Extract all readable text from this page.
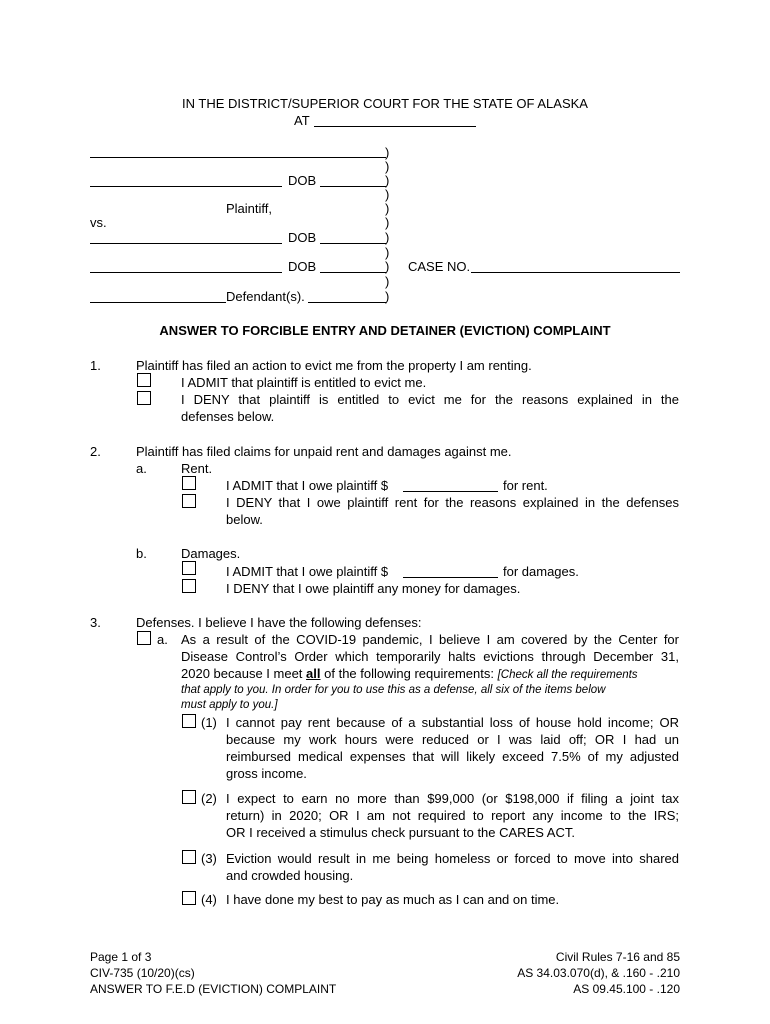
IN THE DISTRICT/SUPERIOR COURT FOR THE STATE OF ALASKA
AT
DOB
Plaintiff,
vs.
DOB
DOB	CASE NO.
Defendant(s).
)
)
)
)
)
)
)
)
)
)
)
ANSWER TO FORCIBLE ENTRY AND DETAINER (EVICTION) COMPLAINT
1.	Plaintiff has filed an action to evict me from the property I am renting.
I ADMIT that plaintiff is entitled to evict me.
I DENY that plaintiff is entitled to evict me for the reasons explained in the
defenses below.
2.	Plaintiff has filed claims for unpaid rent and damages against me.
a.	Rent.
I ADMIT that I owe plaintiff $	for rent.
I DENY that I owe plaintiff rent for the reasons explained in the defenses
below.
b.	Damages.
I ADMIT that I owe plaintiff $	for damages.
I DENY that I owe plaintiff any money for damages.
3.	Defenses. I believe I have the following defenses:
a. As a result of the COVID-19 pandemic, I believe I am covered by the Center for
Disease Control’s Order which temporarily halts evictions through December 31,
2020 because I meet all of the following requirements: [Check all the requirements
that apply to you. In order for you to use this as a defense, all six of the items below
must apply to you.]
(1) I cannot pay rent because of a substantial loss of house hold income; OR
because my work hours were reduced or I was laid off; OR I had un
reimbursed medical expenses that will likely exceed 7.5% of my adjusted
gross income.
(2) I expect to earn no more than $99,000 (or $198,000 if filing a joint tax
return) in 2020; OR I am not required to report any income to the IRS;
OR I received a stimulus check pursuant to the CARES ACT.
(3) Eviction would result in me being homeless or forced to move into shared
and crowded housing.
(4) I have done my best to pay as much as I can and on time.
Page 1 of 3
CIV-735 (10/20)(cs)
ANSWER TO F.E.D (EVICTION) COMPLAINT
Civil Rules 7-16 and 85
AS 34.03.070(d), & .160 - .210
AS 09.45.100 - .120
